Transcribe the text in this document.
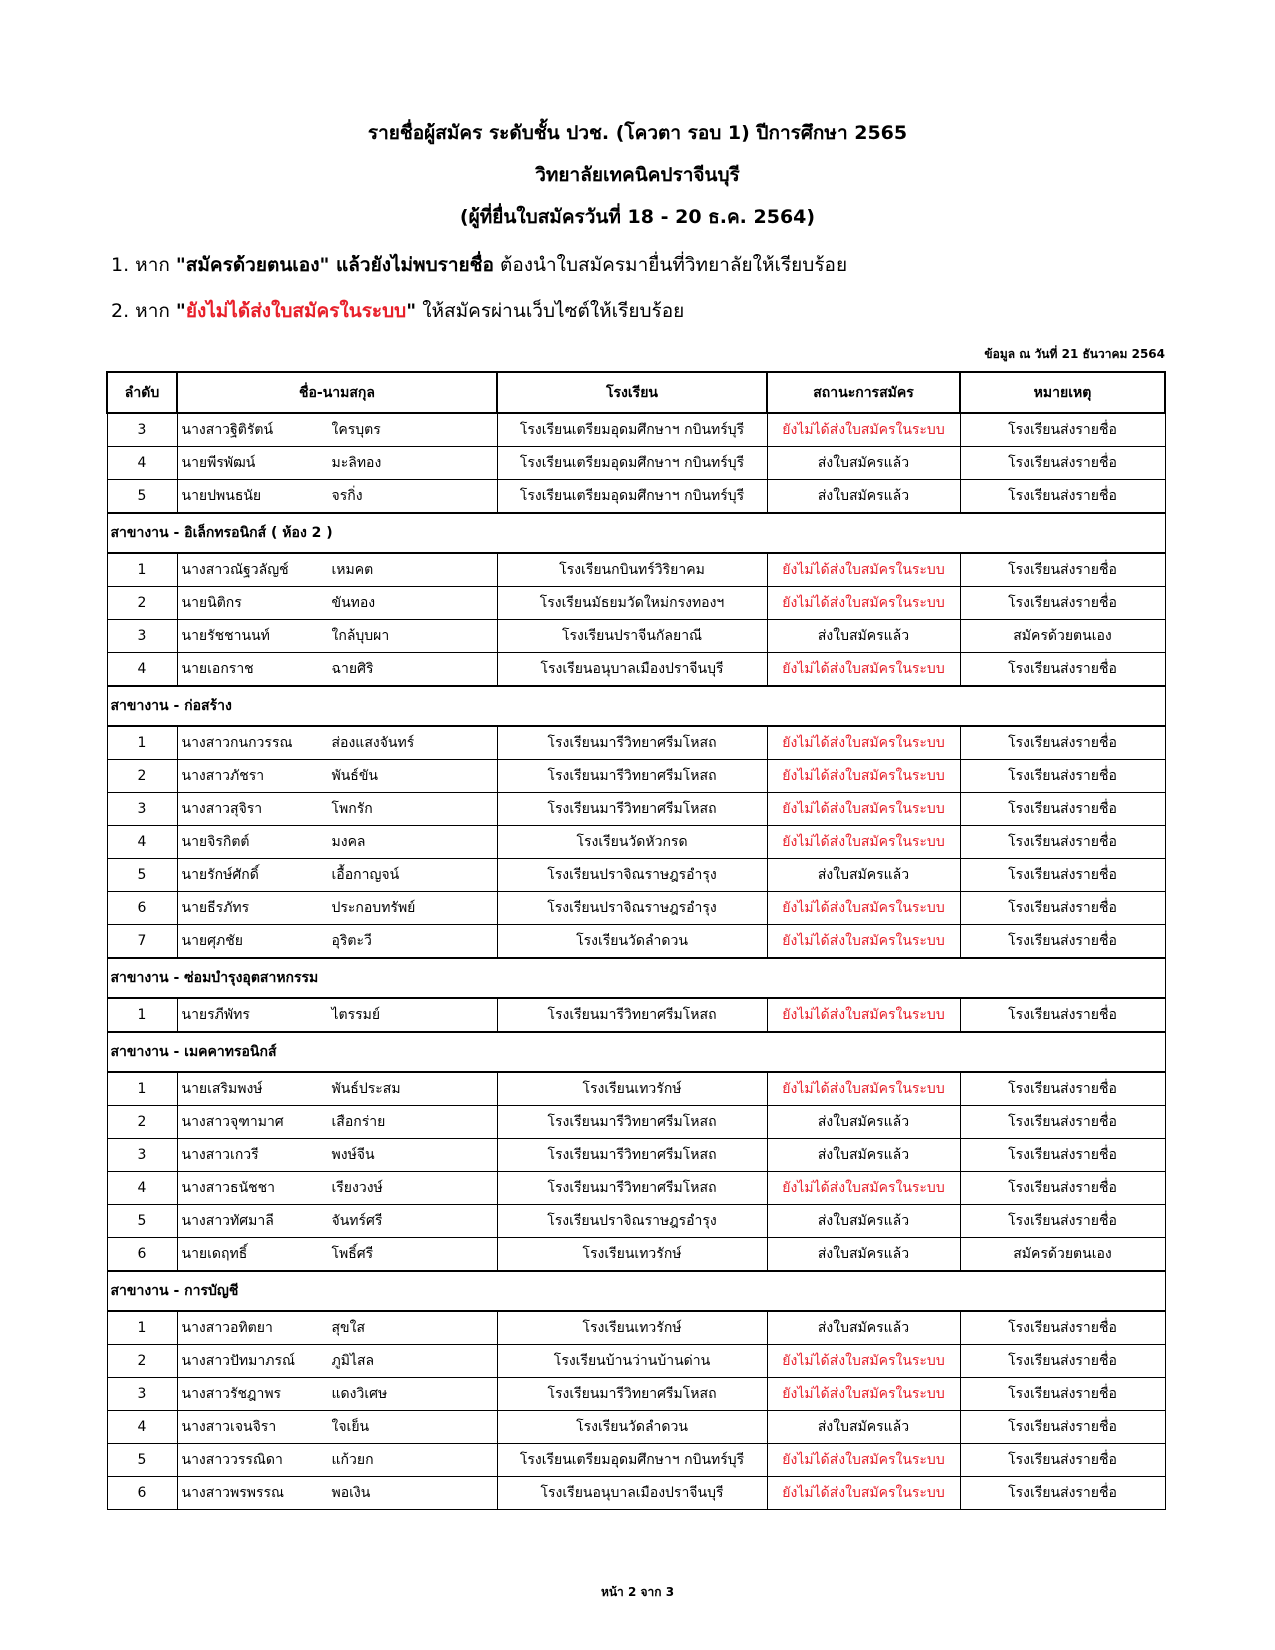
รายชื่อผู้สมัคร ระดับชั้น ปวช. (โควตา รอบ 1) ปีการศึกษา 2565
วิทยาลัยเทคนิคปราจีนบุรี
(ผู้ที่ยื่นใบสมัครวันที่ 18 - 20 ธ.ค. 2564)
1. หาก "สมัครด้วยตนเอง" แล้วยังไม่พบรายชื่อ ต้องนำใบสมัครมายื่นที่วิทยาลัยให้เรียบร้อย
2. หาก "ยังไม่ได้ส่งใบสมัครในระบบ" ให้สมัครผ่านเว็บไซต์ให้เรียบร้อย
ข้อมูล ณ วันที่ 21 ธันวาคม 2564
ลำดับ	ชื่อ-นามสกุล	โรงเรียน	สถานะการสมัคร	หมายเหตุ
3	นางสาวฐิติรัตน์ ใครบุตร	โรงเรียนเตรียมอุดมศึกษาฯ กบินทร์บุรี	ยังไม่ได้ส่งใบสมัครในระบบ	โรงเรียนส่งรายชื่อ
4	นายพีรพัฒน์ มะลิทอง	โรงเรียนเตรียมอุดมศึกษาฯ กบินทร์บุรี	ส่งใบสมัครแล้ว	โรงเรียนส่งรายชื่อ
5	นายปพนธนัย จรกิ่ง	โรงเรียนเตรียมอุดมศึกษาฯ กบินทร์บุรี	ส่งใบสมัครแล้ว	โรงเรียนส่งรายชื่อ
สาขางาน - อิเล็กทรอนิกส์ ( ห้อง 2 )				
1	นางสาวณัฐวลัญช์ เหมคต	โรงเรียนกบินทร์วิริยาคม	ยังไม่ได้ส่งใบสมัครในระบบ	โรงเรียนส่งรายชื่อ
2	นายนิติกร ขันทอง	โรงเรียนมัธยมวัดใหม่กรงทองฯ	ยังไม่ได้ส่งใบสมัครในระบบ	โรงเรียนส่งรายชื่อ
3	นายรัชชานนท์ ใกล้บุบผา	โรงเรียนปราจีนกัลยาณี	ส่งใบสมัครแล้ว	สมัครด้วยตนเอง
4	นายเอกราช ฉายศิริ	โรงเรียนอนุบาลเมืองปราจีนบุรี	ยังไม่ได้ส่งใบสมัครในระบบ	โรงเรียนส่งรายชื่อ
สาขางาน - ก่อสร้าง				
1	นางสาวกนกวรรณ ส่องแสงจันทร์	โรงเรียนมารีวิทยาศรีมโหสถ	ยังไม่ได้ส่งใบสมัครในระบบ	โรงเรียนส่งรายชื่อ
2	นางสาวภัชรา พันธ์ขัน	โรงเรียนมารีวิทยาศรีมโหสถ	ยังไม่ได้ส่งใบสมัครในระบบ	โรงเรียนส่งรายชื่อ
3	นางสาวสุจิรา โพกรัก	โรงเรียนมารีวิทยาศรีมโหสถ	ยังไม่ได้ส่งใบสมัครในระบบ	โรงเรียนส่งรายชื่อ
4	นายจิรกิตต์ มงคล	โรงเรียนวัดหัวกรด	ยังไม่ได้ส่งใบสมัครในระบบ	โรงเรียนส่งรายชื่อ
5	นายรักษ์ศักดิ์ เอื้อกาญจน์	โรงเรียนปราจิณราษฎรอำรุง	ส่งใบสมัครแล้ว	โรงเรียนส่งรายชื่อ
6	นายธีรภัทร ประกอบทรัพย์	โรงเรียนปราจิณราษฎรอำรุง	ยังไม่ได้ส่งใบสมัครในระบบ	โรงเรียนส่งรายชื่อ
7	นายศุภชัย อุริตะวี	โรงเรียนวัดลำดวน	ยังไม่ได้ส่งใบสมัครในระบบ	โรงเรียนส่งรายชื่อ
สาขางาน - ซ่อมบำรุงอุตสาหกรรม				
1	นายรภีพัทร ไตรรมย์	โรงเรียนมารีวิทยาศรีมโหสถ	ยังไม่ได้ส่งใบสมัครในระบบ	โรงเรียนส่งรายชื่อ
สาขางาน - เมคคาทรอนิกส์				
1	นายเสริมพงษ์ พันธ์ประสม	โรงเรียนเทวรักษ์	ยังไม่ได้ส่งใบสมัครในระบบ	โรงเรียนส่งรายชื่อ
2	นางสาวจุฑามาศ เสือกร่าย	โรงเรียนมารีวิทยาศรีมโหสถ	ส่งใบสมัครแล้ว	โรงเรียนส่งรายชื่อ
3	นางสาวเกวรี พงษ์จีน	โรงเรียนมารีวิทยาศรีมโหสถ	ส่งใบสมัครแล้ว	โรงเรียนส่งรายชื่อ
4	นางสาวธนัชชา เรียงวงษ์	โรงเรียนมารีวิทยาศรีมโหสถ	ยังไม่ได้ส่งใบสมัครในระบบ	โรงเรียนส่งรายชื่อ
5	นางสาวทัศมาลี จันทร์ศรี	โรงเรียนปราจิณราษฎรอำรุง	ส่งใบสมัครแล้ว	โรงเรียนส่งรายชื่อ
6	นายเดฤทธิ์ โพธิ์ศรี	โรงเรียนเทวรักษ์	ส่งใบสมัครแล้ว	สมัครด้วยตนเอง
สาขางาน - การบัญชี				
1	นางสาวอทิตยา สุขใส	โรงเรียนเทวรักษ์	ส่งใบสมัครแล้ว	โรงเรียนส่งรายชื่อ
2	นางสาวปัทมาภรณ์ ภูมิไสล	โรงเรียนบ้านว่านบ้านด่าน	ยังไม่ได้ส่งใบสมัครในระบบ	โรงเรียนส่งรายชื่อ
3	นางสาวรัชฎาพร แดงวิเศษ	โรงเรียนมารีวิทยาศรีมโหสถ	ยังไม่ได้ส่งใบสมัครในระบบ	โรงเรียนส่งรายชื่อ
4	นางสาวเจนจิรา ใจเย็น	โรงเรียนวัดลำดวน	ส่งใบสมัครแล้ว	โรงเรียนส่งรายชื่อ
5	นางสาววรรณิดา แก้วยก	โรงเรียนเตรียมอุดมศึกษาฯ กบินทร์บุรี	ยังไม่ได้ส่งใบสมัครในระบบ	โรงเรียนส่งรายชื่อ
6	นางสาวพรพรรณ พอเงิน	โรงเรียนอนุบาลเมืองปราจีนบุรี	ยังไม่ได้ส่งใบสมัครในระบบ	โรงเรียนส่งรายชื่อ
หน้า 2 จาก 3
